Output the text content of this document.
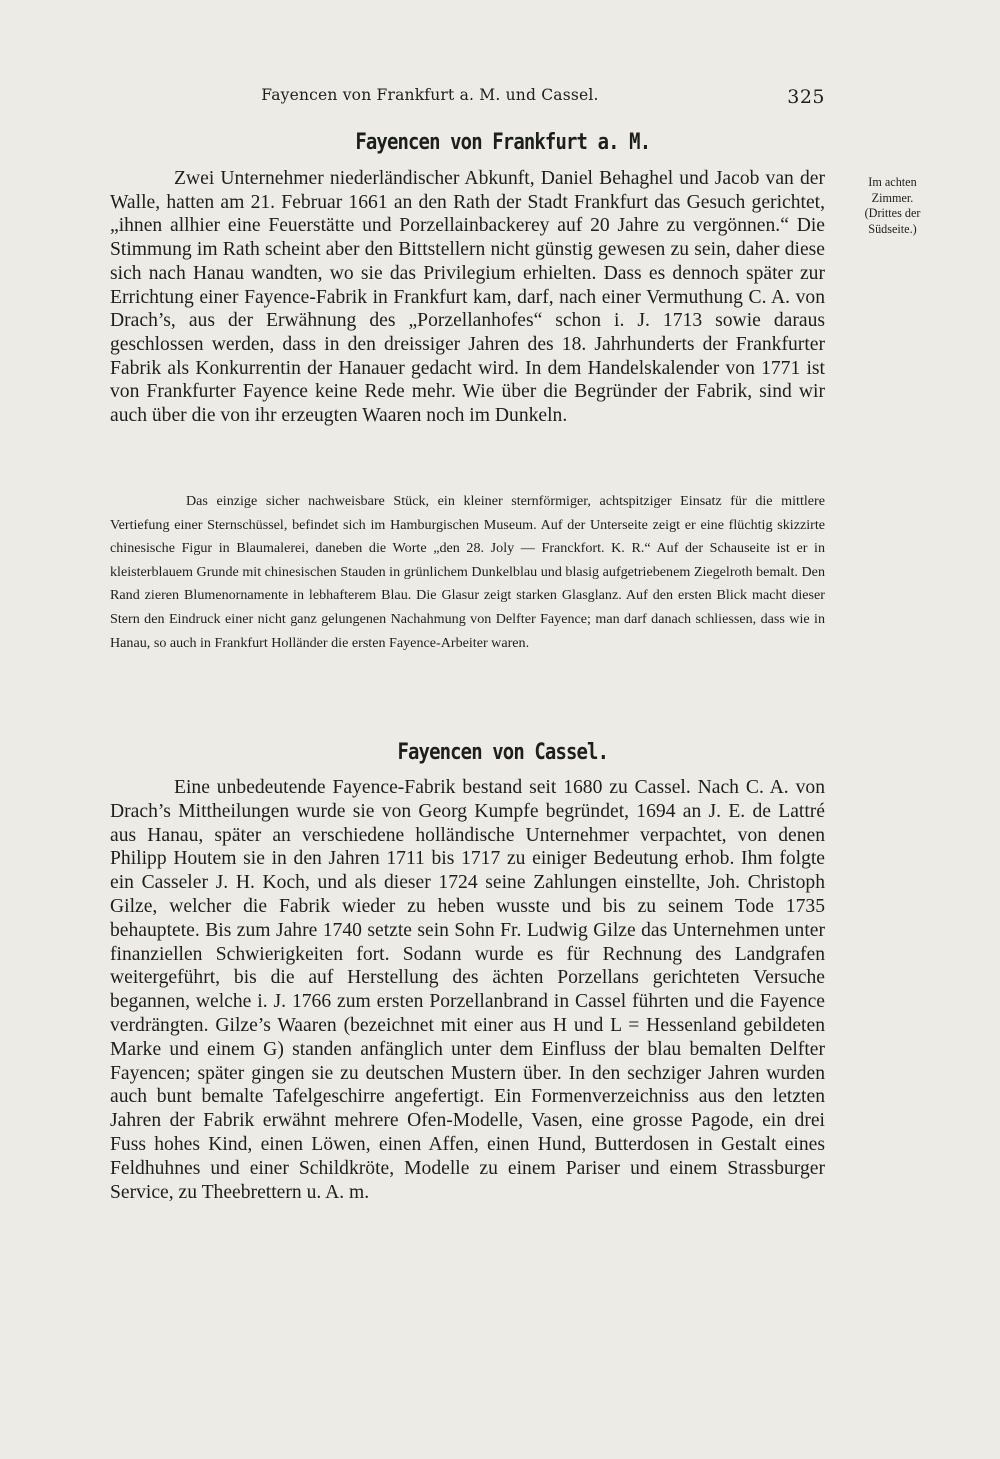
Fayencen von Frankfurt a. M. und Cassel.	325
Fayencen von Frankfurt a. M.

Zwei Unternehmer niederländischer Abkunft, Daniel Behaghel und Jacob van der Walle, hatten am 21. Februar 1661 an den Rath der Stadt Frankfurt das Gesuch gerichtet, „ihnen allhier eine Feuerstätte und Porzellainbackerey auf 20 Jahre zu vergönnen.“ Die Stimmung im Rath scheint aber den Bittstellern nicht günstig gewesen zu sein, daher diese sich nach Hanau wandten, wo sie das Privilegium erhielten. Dass es dennoch später zur Errichtung einer Fayence-Fabrik in Frankfurt kam, darf, nach einer Vermuthung C. A. von Drach’s, aus der Erwähnung des „Porzellanhofes“ schon i. J. 1713 sowie daraus geschlossen werden, dass in den dreissiger Jahren des 18. Jahrhunderts der Frankfurter Fabrik als Konkurrentin der Hanauer gedacht wird. In dem Handelskalender von 1771 ist von Frankfurter Fayence keine Rede mehr. Wie über die Begründer der Fabrik, sind wir auch über die von ihr erzeugten Waaren noch im Dunkeln.

Im achten
Zimmer.
(Drittes der
Südseite.)

Das einzige sicher nachweisbare Stück, ein kleiner sternförmiger, achtspitziger Einsatz für die mittlere Vertiefung einer Sternschüssel, befindet sich im Hamburgischen Museum. Auf der Unterseite zeigt er eine flüchtig skizzirte chinesische Figur in Blaumalerei, daneben die Worte „den 28. Joly — Franckfort. K. R.“ Auf der Schauseite ist er in kleisterblauem Grunde mit chinesischen Stauden in grünlichem Dunkelblau und blasig aufgetriebenem Ziegelroth bemalt. Den Rand zieren Blumenornamente in lebhafterem Blau. Die Glasur zeigt starken Glasglanz. Auf den ersten Blick macht dieser Stern den Eindruck einer nicht ganz gelungenen Nachahmung von Delfter Fayence; man darf danach schliessen, dass wie in Hanau, so auch in Frankfurt Holländer die ersten Fayence-Arbeiter waren.

Fayencen von Cassel.

Eine unbedeutende Fayence-Fabrik bestand seit 1680 zu Cassel. Nach C. A. von Drach’s Mittheilungen wurde sie von Georg Kumpfe begründet, 1694 an J. E. de Lattré aus Hanau, später an verschiedene holländische Unternehmer verpachtet, von denen Philipp Houtem sie in den Jahren 1711 bis 1717 zu einiger Bedeutung erhob. Ihm folgte ein Casseler J. H. Koch, und als dieser 1724 seine Zahlungen einstellte, Joh. Christoph Gilze, welcher die Fabrik wieder zu heben wusste und bis zu seinem Tode 1735 behauptete. Bis zum Jahre 1740 setzte sein Sohn Fr. Ludwig Gilze das Unternehmen unter finanziellen Schwierigkeiten fort. Sodann wurde es für Rechnung des Landgrafen weitergeführt, bis die auf Herstellung des ächten Porzellans gerichteten Versuche begannen, welche i. J. 1766 zum ersten Porzellanbrand in Cassel führten und die Fayence verdrängten. Gilze’s Waaren (bezeichnet mit einer aus H und L = Hessenland gebildeten Marke und einem G) standen anfänglich unter dem Einfluss der blau bemalten Delfter Fayencen; später gingen sie zu deutschen Mustern über. In den sechziger Jahren wurden auch bunt bemalte Tafelgeschirre angefertigt. Ein Formenverzeichniss aus den letzten Jahren der Fabrik erwähnt mehrere Ofen-Modelle, Vasen, eine grosse Pagode, ein drei Fuss hohes Kind, einen Löwen, einen Affen, einen Hund, Butterdosen in Gestalt eines Feldhuhnes und einer Schildkröte, Modelle zu einem Pariser und einem Strassburger Service, zu Theebrettern u. A. m.
